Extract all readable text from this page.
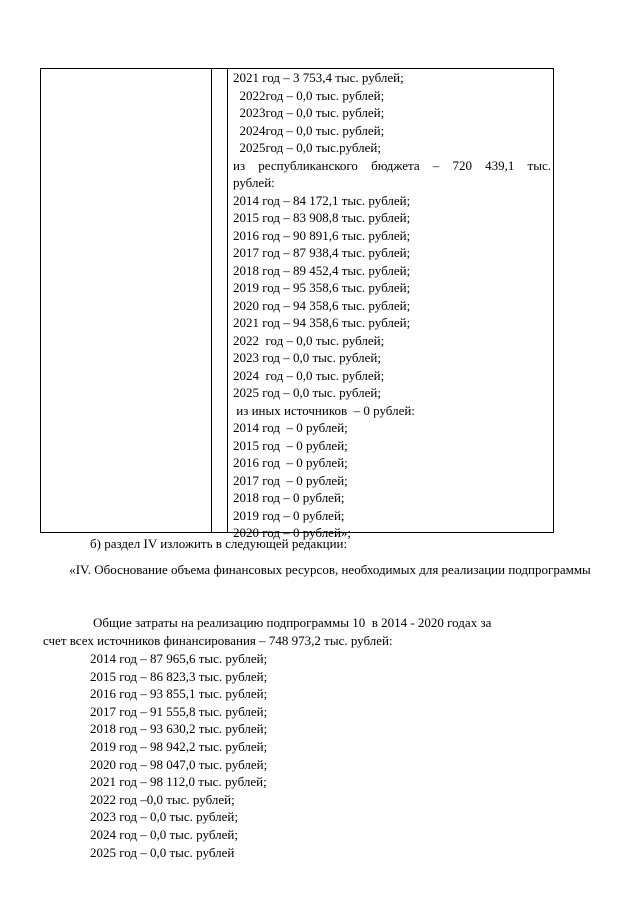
2021 год – 3 753,4 тыс. рублей;
2022год – 0,0 тыс. рублей;
2023год – 0,0 тыс. рублей;
2024год – 0,0 тыс. рублей;
2025год – 0,0 тыс.рублей;
из республиканского бюджета – 720 439,1 тыс.
рублей:
2014 год – 84 172,1 тыс. рублей;
2015 год – 83 908,8 тыс. рублей;
2016 год – 90 891,6 тыс. рублей;
2017 год – 87 938,4 тыс. рублей;
2018 год – 89 452,4 тыс. рублей;
2019 год – 95 358,6 тыс. рублей;
2020 год – 94 358,6 тыс. рублей;
2021 год – 94 358,6 тыс. рублей;
2022  год – 0,0 тыс. рублей;
2023 год – 0,0 тыс. рублей;
2024  год – 0,0 тыс. рублей;
2025 год – 0,0 тыс. рублей;
из иных источников  – 0 рублей:
2014 год  – 0 рублей;
2015 год  – 0 рублей;
2016 год  – 0 рублей;
2017 год  – 0 рублей;
2018 год – 0 рублей;
2019 год – 0 рублей;
2020 год – 0 рублей»;
б) раздел IV изложить в следующей редакции:
«IV. Обоснование объема финансовых ресурсов, необходимых для реализации подпрограммы
Общие затраты на реализацию подпрограммы 10  в 2014 - 2020 годах за
счет всех источников финансирования – 748 973,2 тыс. рублей:
2014 год – 87 965,6 тыс. рублей;
2015 год – 86 823,3 тыс. рублей;
2016 год – 93 855,1 тыс. рублей;
2017 год – 91 555,8 тыс. рублей;
2018 год – 93 630,2 тыс. рублей;
2019 год – 98 942,2 тыс. рублей;
2020 год – 98 047,0 тыс. рублей;
2021 год – 98 112,0 тыс. рублей;
2022 год –0,0 тыс. рублей;
2023 год – 0,0 тыс. рублей;
2024 год – 0,0 тыс. рублей;
2025 год – 0,0 тыс. рублей
